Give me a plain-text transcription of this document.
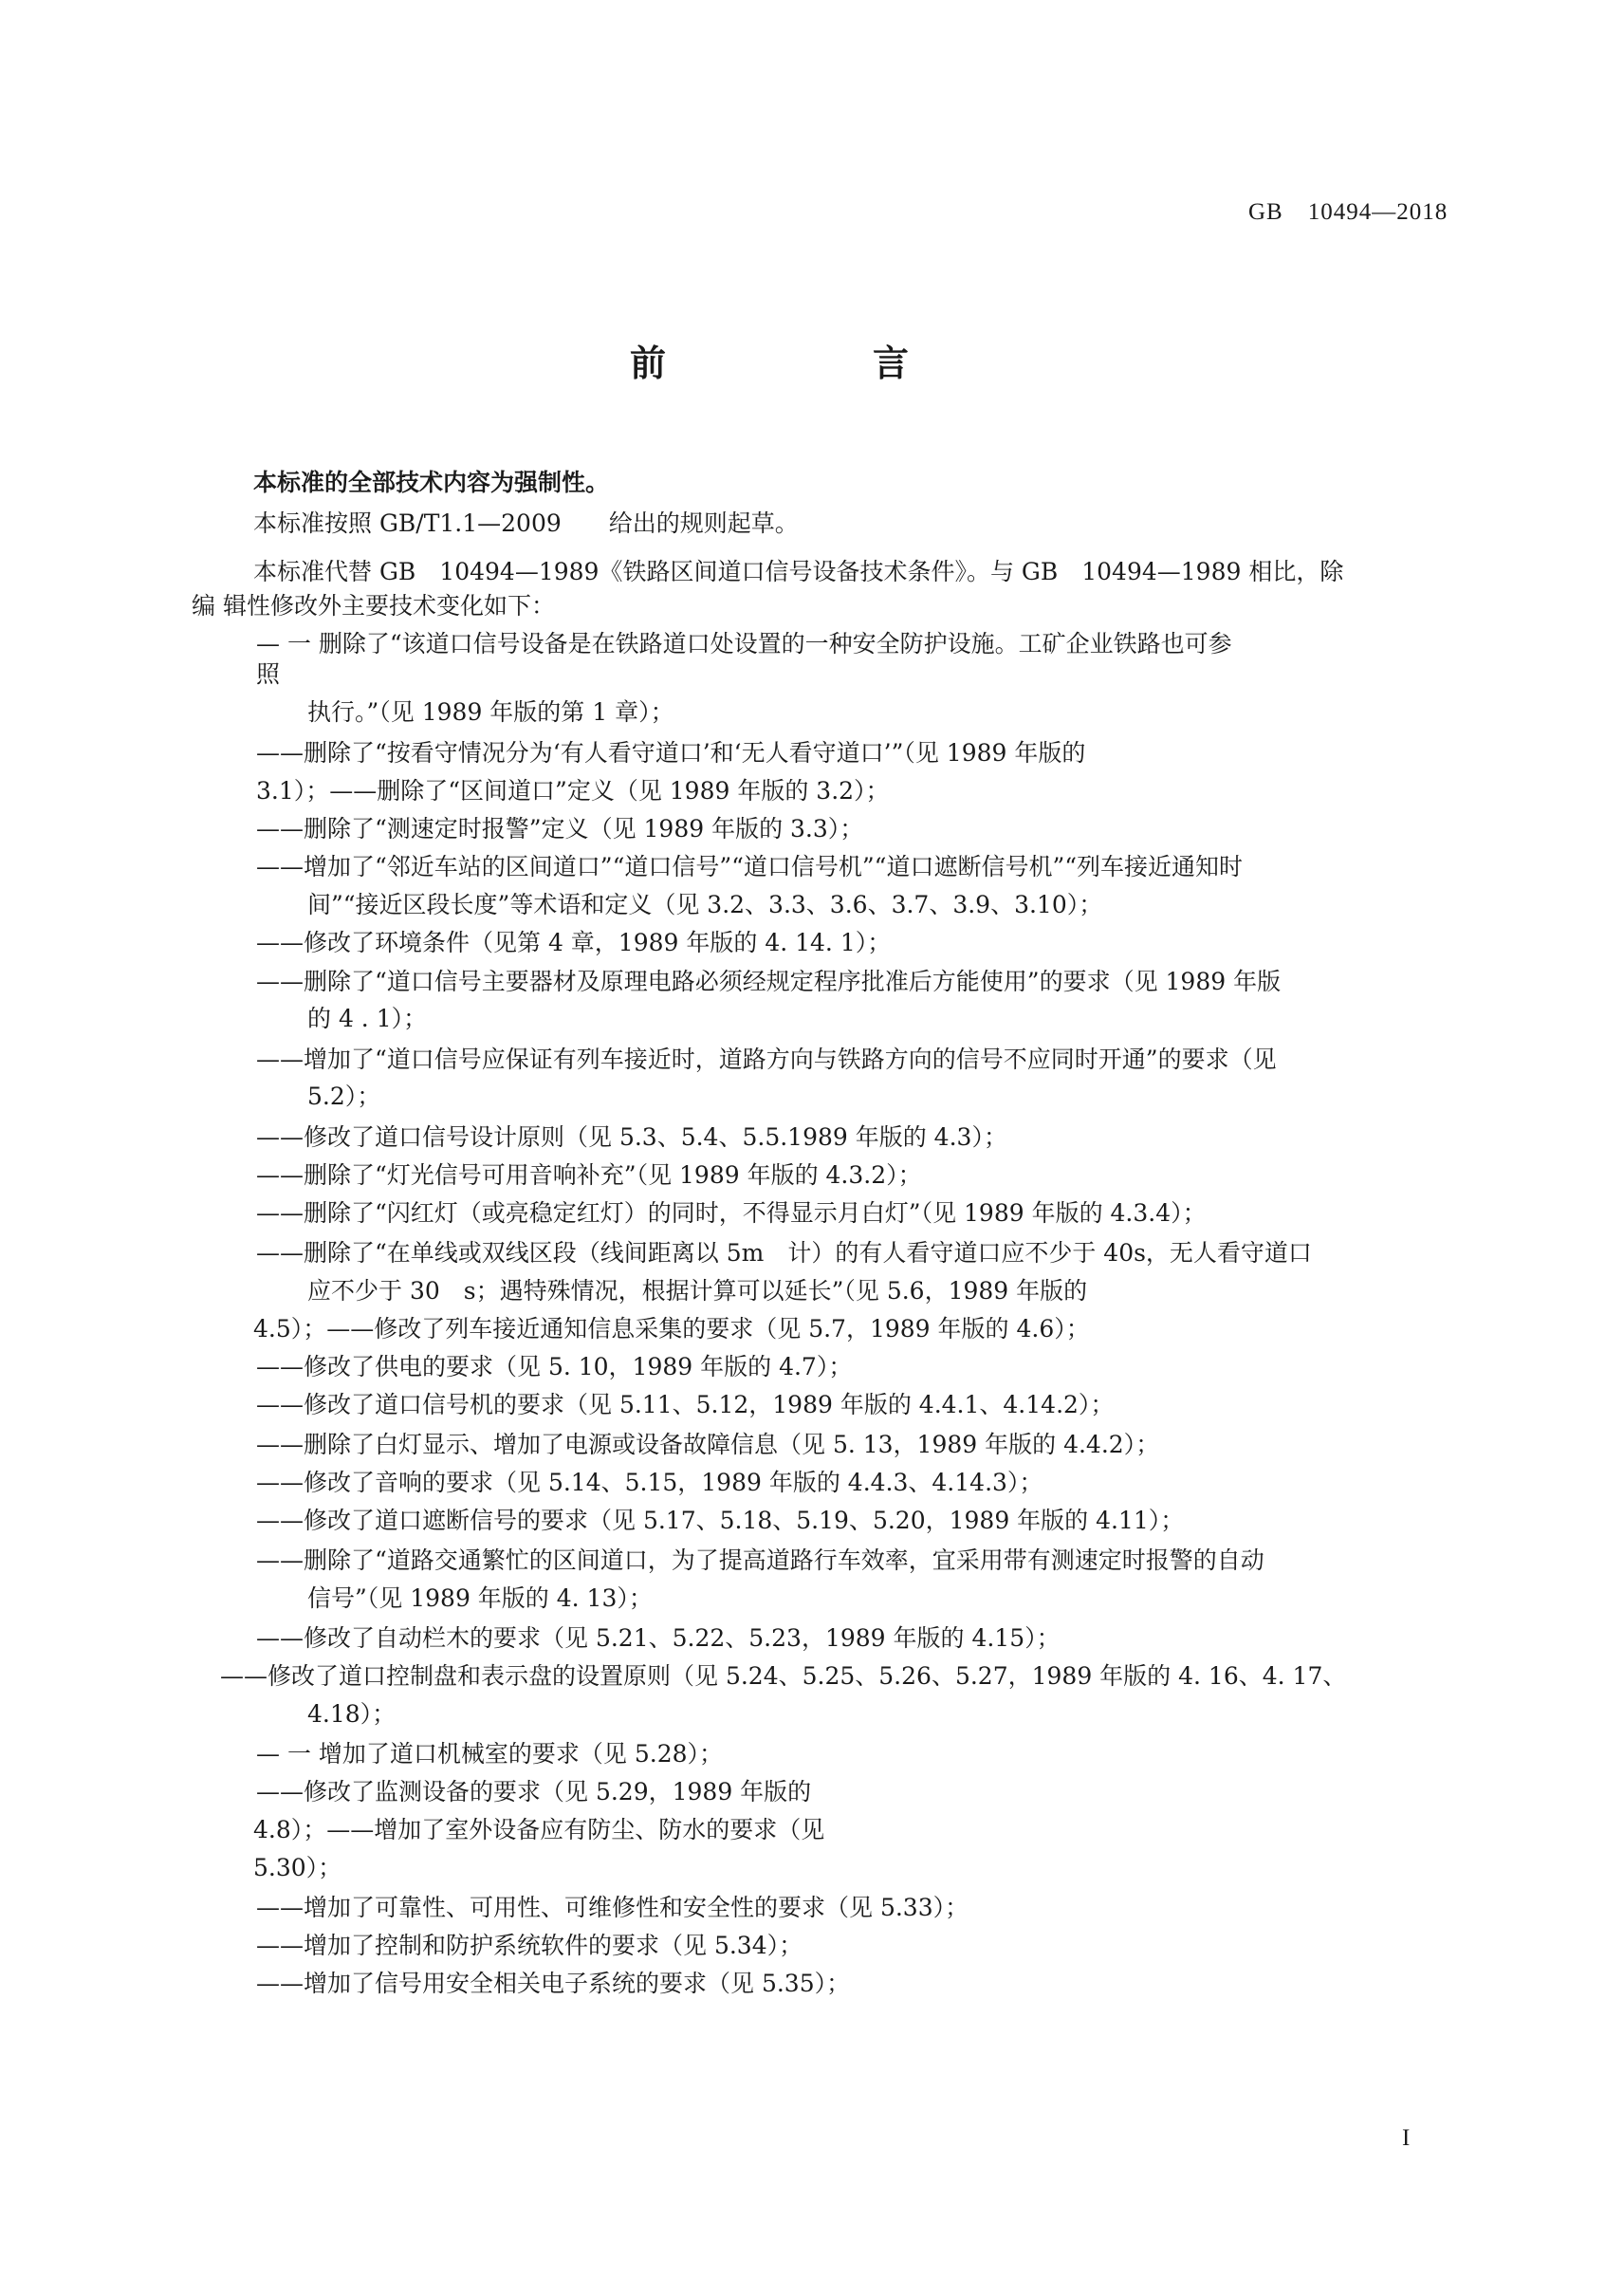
GB　10494—2018
前　言
本标准的全部技术内容为强制性。
本标准按照 GB/T1.1—2009　　给出的规则起草。
本标准代替 GB　10494—1989《铁路区间道口信号设备技术条件》。与 GB　10494—1989 相比，除
编 辑性修改外主要技术变化如下：
— 一 删除了“该道口信号设备是在铁路道口处设置的一种安全防护设施。工矿企业铁路也可参
照
执行。”（见 1989 年版的第 1 章）；
——删除了“按看守情况分为‘有人看守道口’和‘无人看守道口’”（见 1989 年版的
3.1）；——删除了“区间道口”定义（见 1989 年版的 3.2）；
——删除了“测速定时报警”定义（见 1989 年版的 3.3）；
——增加了“邻近车站的区间道口”“道口信号”“道口信号机”“道口遮断信号机”“列车接近通知时
间”“接近区段长度”等术语和定义（见 3.2、3.3、3.6、3.7、3.9、3.10）；
——修改了环境条件（见第 4 章，1989 年版的 4. 14. 1）；
——删除了“道口信号主要器材及原理电路必须经规定程序批准后方能使用”的要求（见 1989 年版
的 4 . 1）；
——增加了“道口信号应保证有列车接近时，道路方向与铁路方向的信号不应同时开通”的要求（见
5.2）；
——修改了道口信号设计原则（见 5.3、5.4、5.5.1989 年版的 4.3）；
——删除了“灯光信号可用音响补充”（见 1989 年版的 4.3.2）；
——删除了“闪红灯（或亮稳定红灯）的同时，不得显示月白灯”（见 1989 年版的 4.3.4）；
——删除了“在单线或双线区段（线间距离以 5m　计）的有人看守道口应不少于 40s，无人看守道口
应不少于 30　s；遇特殊情况，根据计算可以延长”（见 5.6，1989 年版的
4.5）；——修改了列车接近通知信息采集的要求（见 5.7，1989 年版的 4.6）；
——修改了供电的要求（见 5. 10，1989 年版的 4.7）；
——修改了道口信号机的要求（见 5.11、5.12，1989 年版的 4.4.1、4.14.2）；
——删除了白灯显示、增加了电源或设备故障信息（见 5. 13，1989 年版的 4.4.2）；
——修改了音响的要求（见 5.14、5.15，1989 年版的 4.4.3、4.14.3）；
——修改了道口遮断信号的要求（见 5.17、5.18、5.19、5.20，1989 年版的 4.11）；
——删除了“道路交通繁忙的区间道口，为了提高道路行车效率，宜采用带有测速定时报警的自动
信号”（见 1989 年版的 4. 13）；
——修改了自动栏木的要求（见 5.21、5.22、5.23，1989 年版的 4.15）；
——修改了道口控制盘和表示盘的设置原则（见 5.24、5.25、5.26、5.27，1989 年版的 4. 16、4. 17、
4.18）；
— 一 增加了道口机械室的要求（见 5.28）；
——修改了监测设备的要求（见 5.29，1989 年版的
4.8）；——增加了室外设备应有防尘、防水的要求（见
5.30）；
——增加了可靠性、可用性、可维修性和安全性的要求（见 5.33）；
——增加了控制和防护系统软件的要求（见 5.34）；
——增加了信号用安全相关电子系统的要求（见 5.35）；
I
